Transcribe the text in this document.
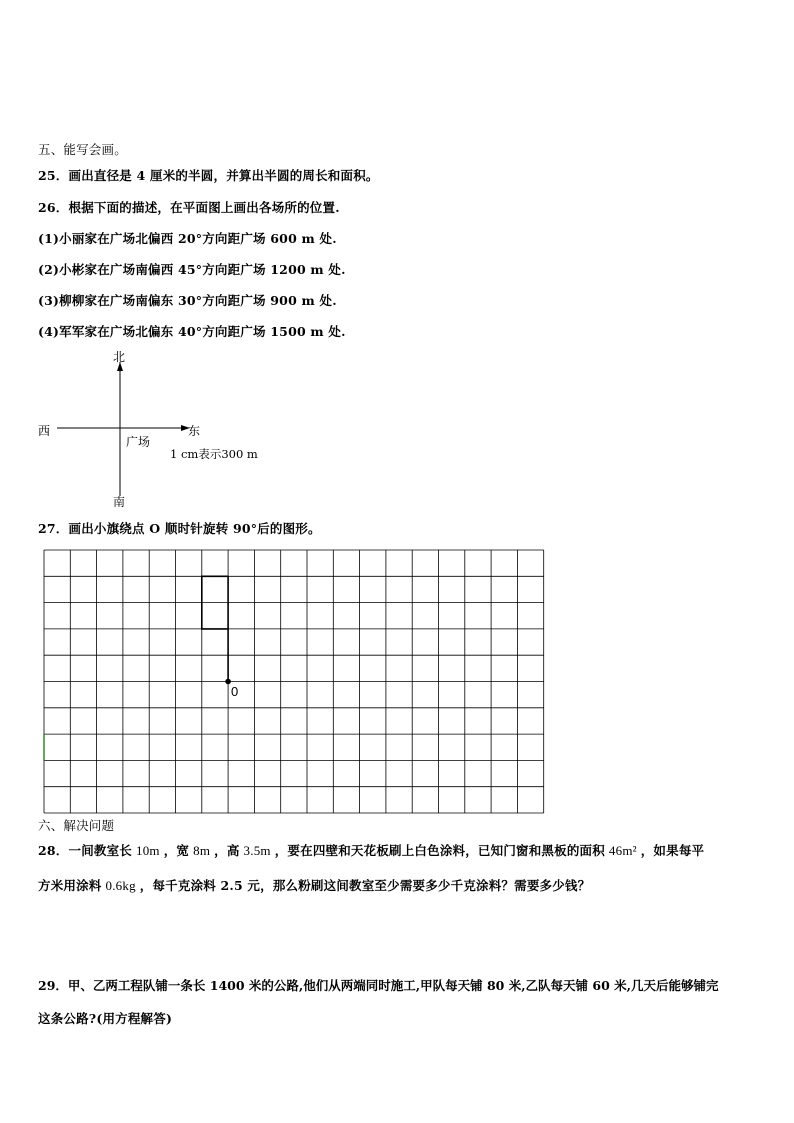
五、能写会画。
25．画出直径是 4 厘米的半圆，并算出半圆的周长和面积。
26．根据下面的描述，在平面图上画出各场所的位置.
(1)小丽家在广场北偏西 20°方向距广场 600 m 处.
(2)小彬家在广场南偏西 45°方向距广场 1200 m 处.
(3)柳柳家在广场南偏东 30°方向距广场 900 m 处.
(4)军军家在广场北偏东 40°方向距广场 1500 m 处.
北
南
西	东
广场
1 cm表示300 m
27．画出小旗绕点 O 顺时针旋转 90°后的图形。
0
六、解决问题
28．一间教室长 10m ，宽 8m ，高 3.5m ，要在四壁和天花板刷上白色涂料，已知门窗和黑板的面积 46m² ，如果每平
方米用涂料 0.6kg ，每千克涂料 2.5 元，那么粉刷这间教室至少需要多少千克涂料？需要多少钱？
29．甲、乙两工程队铺一条长 1400 米的公路,他们从两端同时施工,甲队每天铺 80 米,乙队每天铺 60 米,几天后能够铺完
这条公路?(用方程解答)
